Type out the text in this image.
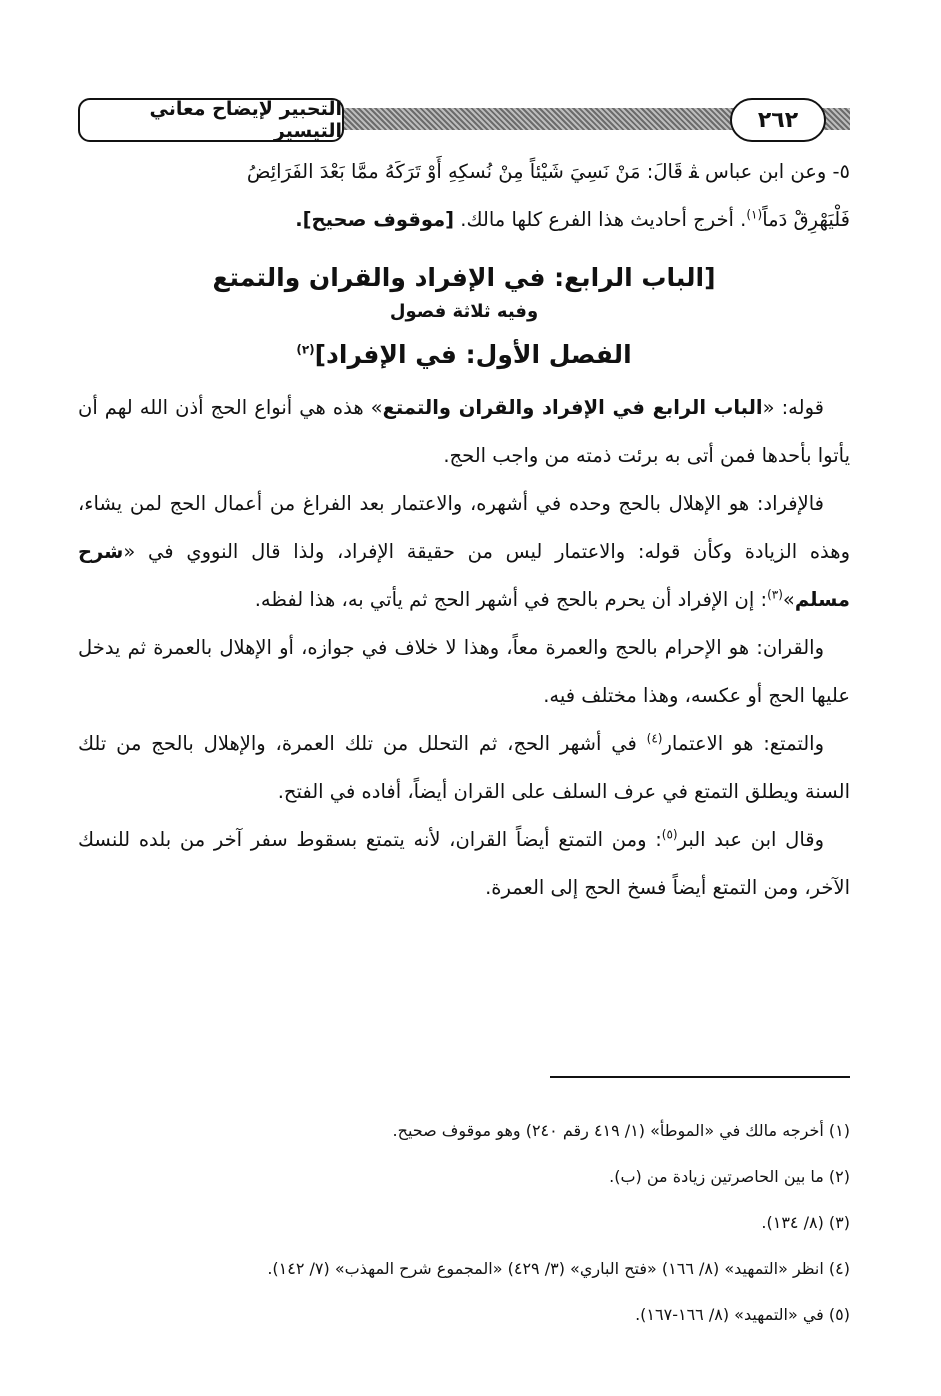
٢٦٢
التحبير لإيضاح معاني التيسير

٥- وعن ابن عباس ﭭ قَالَ: مَنْ نَسِيَ شَيْئاً مِنْ نُسكِهِ أَوْ تَرَكَهُ ممَّا بَعْدَ الفَرَائِضُ

فَلْيَهْرِقْ دَماً$^{(١)}$. أخرج أحاديث هذا الفرع كلها مالك. [موقوف صحيح].

[الباب الرابع: في الإفراد والقران والتمتع
وفيه ثلاثة فصول
الفصل الأول: في الإفراد]$^{(٢)}$

قوله: «الباب الرابع في الإفراد والقران والتمتع» هذه هي أنواع الحج أذن الله لهم أن يأتوا بأحدها فمن أتى به برئت ذمته من واجب الحج.

فالإفراد: هو الإهلال بالحج وحده في أشهره، والاعتمار بعد الفراغ من أعمال الحج لمن يشاء، وهذه الزيادة وكأن قوله: والاعتمار ليس من حقيقة الإفراد، ولذا قال النووي في «شرح مسلم»$^{(٣)}$: إن الإفراد أن يحرم بالحج في أشهر الحج ثم يأتي به، هذا لفظه.

والقران: هو الإحرام بالحج والعمرة معاً، وهذا لا خلاف في جوازه، أو الإهلال بالعمرة ثم يدخل عليها الحج أو عكسه، وهذا مختلف فيه.

والتمتع: هو الاعتمار$^{(٤)}$ في أشهر الحج، ثم التحلل من تلك العمرة، والإهلال بالحج من تلك السنة ويطلق التمتع في عرف السلف على القران أيضاً، أفاده في الفتح.

وقال ابن عبد البر$^{(٥)}$: ومن التمتع أيضاً القران، لأنه يتمتع بسقوط سفر آخر من بلده للنسك الآخر، ومن التمتع أيضاً فسخ الحج إلى العمرة.

(١) أخرجه مالك في «الموطأ» (١/ ٤١٩ رقم ٢٤٠) وهو موقوف صحيح.
(٢) ما بين الحاصرتين زيادة من (ب).
(٣) (٨/ ١٣٤).
(٤) انظر «التمهيد» (٨/ ١٦٦) «فتح الباري» (٣/ ٤٢٩) «المجموع شرح المهذب» (٧/ ١٤٢).
(٥) في «التمهيد» (٨/ ١٦٦-١٦٧).
